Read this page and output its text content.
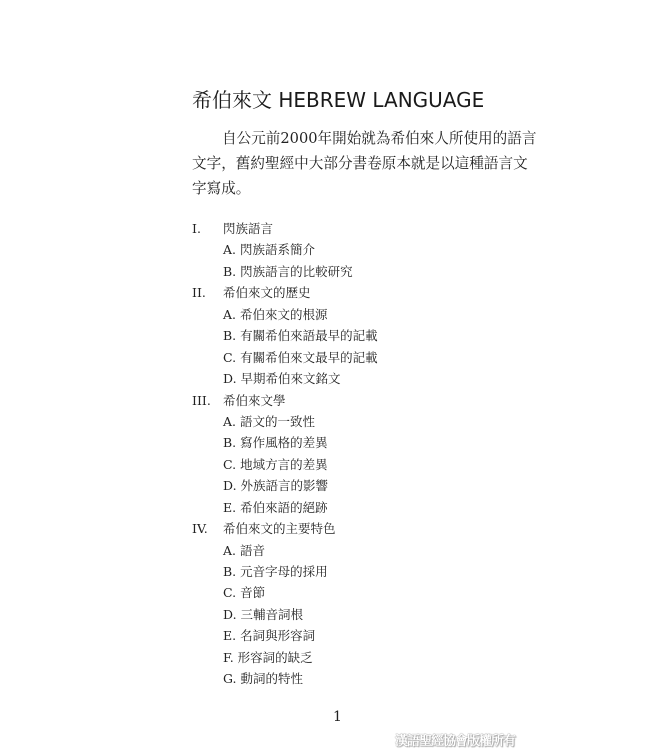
希伯來文 HEBREW LANGUAGE
自公元前2000年開始就為希伯來人所使用的語言
文字，舊約聖經中大部分書卷原本就是以這種語言文
字寫成。
I. 閃族語言
A. 閃族語系簡介
B. 閃族語言的比較研究
II. 希伯來文的歷史
A. 希伯來文的根源
B. 有關希伯來語最早的記載
C. 有關希伯來文最早的記載
D. 早期希伯來文銘文
III. 希伯來文學
A. 語文的一致性
B. 寫作風格的差異
C. 地域方言的差異
D. 外族語言的影響
E. 希伯來語的絕跡
IV. 希伯來文的主要特色
A. 語音
B. 元音字母的採用
C. 音節
D. 三輔音詞根
E. 名詞與形容詞
F. 形容詞的缺乏
G. 動詞的特性
1
漢語聖經協會版權所有
